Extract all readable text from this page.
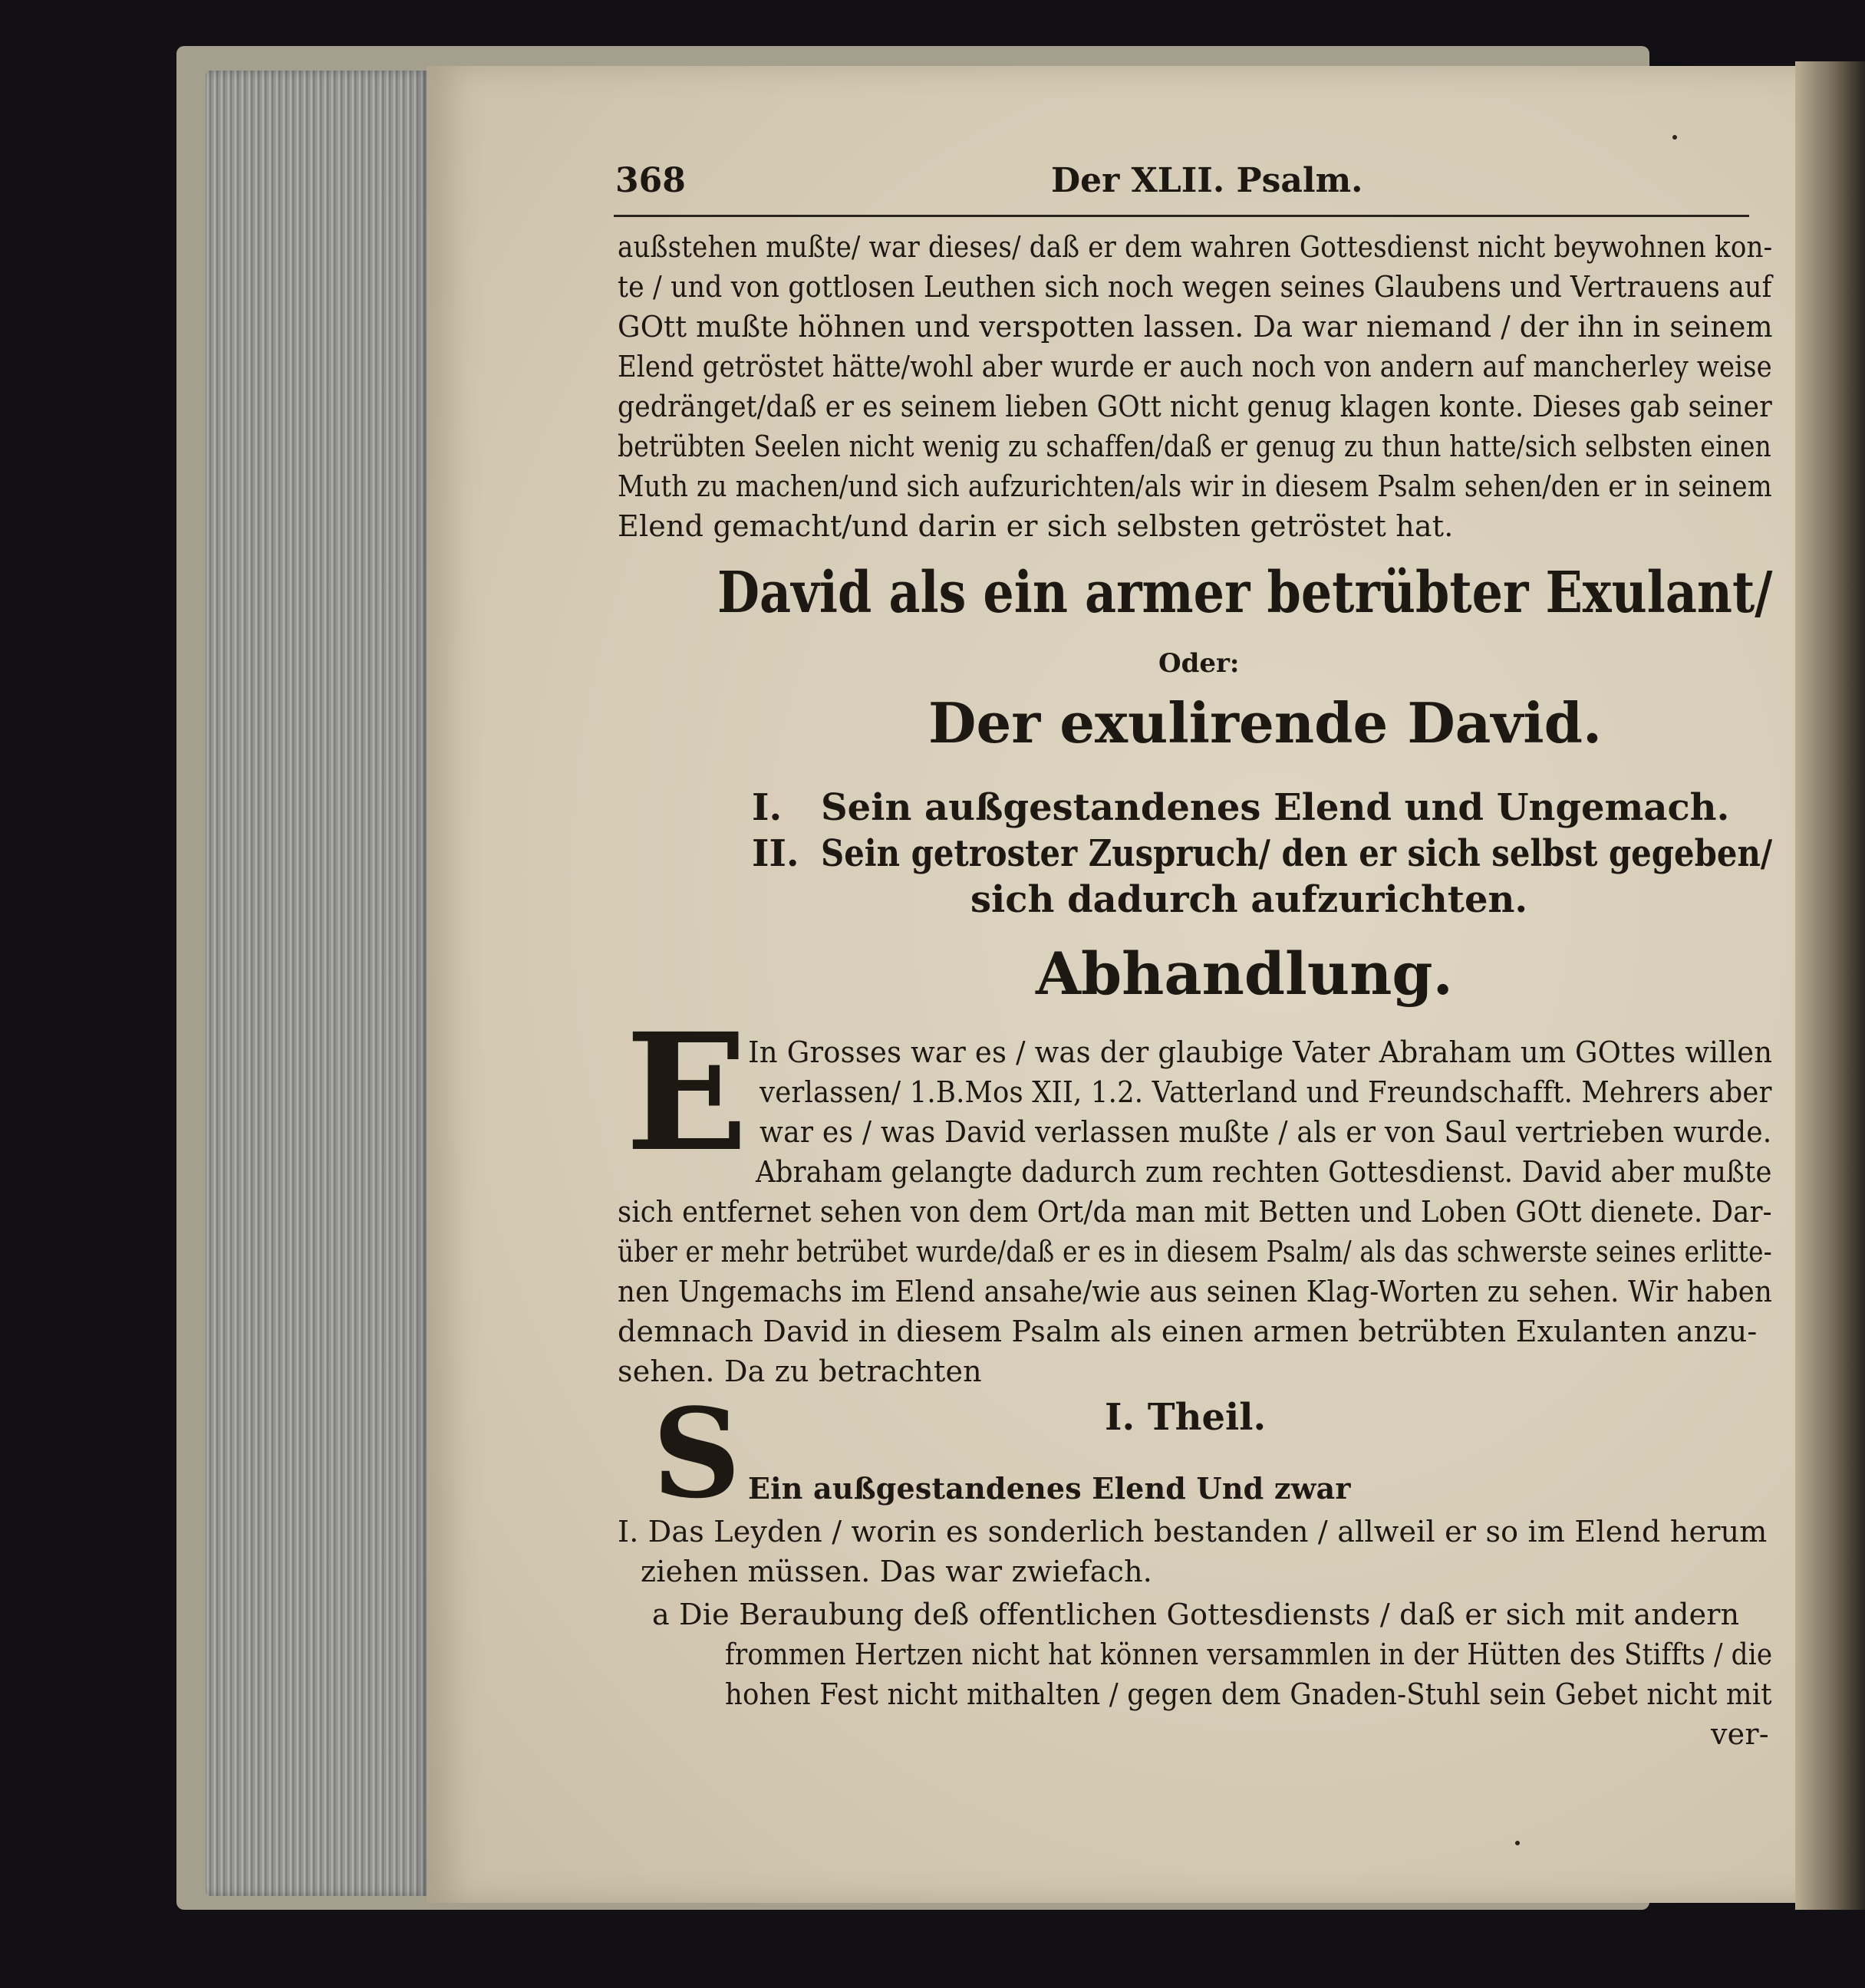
368	Der XLII. Psalm.
außstehen mußte/ war dieses/ daß er dem wahren Gottesdienst nicht beywohnen kon-
te / und von gottlosen Leuthen sich noch wegen seines Glaubens und Vertrauens auf
GOtt mußte höhnen und verspotten lassen. Da war niemand / der ihn in seinem
Elend getröstet hätte/wohl aber wurde er auch noch von andern auf mancherley weise
gedränget/daß er es seinem lieben GOtt nicht genug klagen konte. Dieses gab seiner
betrübten Seelen nicht wenig zu schaffen/daß er genug zu thun hatte/sich selbsten einen
Muth zu machen/und sich aufzurichten/als wir in diesem Psalm sehen/den er in seinem
Elend gemacht/und darin er sich selbsten getröstet hat.
David als ein armer betrübter Exulant/
Oder:
Der exulirende David.
I. Sein außgestandenes Elend und Ungemach.
II. Sein getroster Zuspruch/ den er sich selbst gegeben/
sich dadurch aufzurichten.
Abhandlung.
E In Grosses war es / was der glaubige Vater Abraham um GOttes willen
verlassen/ 1.B.Mos XII, 1.2. Vatterland und Freundschafft. Mehrers aber
war es / was David verlassen mußte / als er von Saul vertrieben wurde.
Abraham gelangte dadurch zum rechten Gottesdienst. David aber mußte
sich entfernet sehen von dem Ort/da man mit Betten und Loben GOtt dienete. Dar-
über er mehr betrübet wurde/daß er es in diesem Psalm/ als das schwerste seines erlitte-
nen Ungemachs im Elend ansahe/wie aus seinen Klag-Worten zu sehen. Wir haben
demnach David in diesem Psalm als einen armen betrübten Exulanten anzu-
sehen. Da zu betrachten
I. Theil.
S Ein außgestandenes Elend Und zwar
I. Das Leyden / worin es sonderlich bestanden / allweil er so im Elend herum
ziehen müssen. Das war zwiefach.
a Die Beraubung deß offentlichen Gottesdiensts / daß er sich mit andern
frommen Hertzen nicht hat können versammlen in der Hütten des Stiffts / die
hohen Fest nicht mithalten / gegen dem Gnaden-Stuhl sein Gebet nicht mit
ver-
